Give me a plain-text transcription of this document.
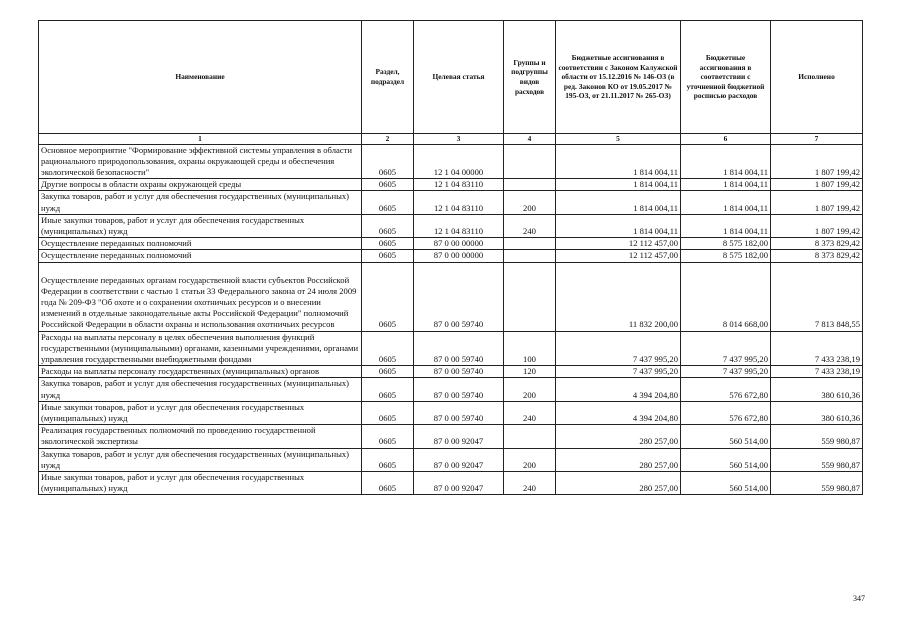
Наименование	Раздел, подраздел	Целевая статья	Группы и подгруппы видов расходов	Бюджетные ассигнования в соответствии с Законом Калужской области от 15.12.2016 № 146-ОЗ (в ред. Законов КО от 19.05.2017 № 195-ОЗ, от 21.11.2017 № 265-ОЗ)	Бюджетные ассигнования в соответствии с уточненной бюджетной росписью расходов	Исполнено
1	2	3	4	5	6	7
Основное мероприятие "Формирование эффективной системы управления в области рационального природопользования, охраны окружающей среды и обеспечения экологической безопасности"	0605	12 1 04 00000		1 814 004,11	1 814 004,11	1 807 199,42
Другие вопросы в области охраны окружающей среды	0605	12 1 04 83110		1 814 004,11	1 814 004,11	1 807 199,42
Закупка товаров, работ и услуг для обеспечения государственных (муниципальных) нужд	0605	12 1 04 83110	200	1 814 004,11	1 814 004,11	1 807 199,42
Иные закупки товаров, работ и услуг для обеспечения государственных (муниципальных) нужд	0605	12 1 04 83110	240	1 814 004,11	1 814 004,11	1 807 199,42
Осуществление переданных полномочий	0605	87 0 00 00000		12 112 457,00	8 575 182,00	8 373 829,42
Осуществление переданных полномочий	0605	87 0 00 00000		12 112 457,00	8 575 182,00	8 373 829,42
Осуществление переданных органам государственной власти субъектов Российской Федерации в соответствии с частью 1 статьи 33 Федерального закона от 24 июля 2009 года № 209-ФЗ "Об охоте и о сохранении охотничьих ресурсов и о внесении изменений в отдельные законодательные акты Российской Федерации" полномочий Российской Федерации в области охраны и использования охотничьих ресурсов	0605	87 0 00 59740		11 832 200,00	8 014 668,00	7 813 848,55
Расходы на выплаты персоналу в целях обеспечения выполнения функций государственными (муниципальными) органами, казенными учреждениями, органами управления государственными внебюджетными фондами	0605	87 0 00 59740	100	7 437 995,20	7 437 995,20	7 433 238,19
Расходы на выплаты персоналу государственных (муниципальных) органов	0605	87 0 00 59740	120	7 437 995,20	7 437 995,20	7 433 238,19
Закупка товаров, работ и услуг для обеспечения государственных (муниципальных) нужд	0605	87 0 00 59740	200	4 394 204,80	576 672,80	380 610,36
Иные закупки товаров, работ и услуг для обеспечения государственных (муниципальных) нужд	0605	87 0 00 59740	240	4 394 204,80	576 672,80	380 610,36
Реализация государственных полномочий по проведению государственной экологической экспертизы	0605	87 0 00 92047		280 257,00	560 514,00	559 980,87
Закупка товаров, работ и услуг для обеспечения государственных (муниципальных) нужд	0605	87 0 00 92047	200	280 257,00	560 514,00	559 980,87
Иные закупки товаров, работ и услуг для обеспечения государственных (муниципальных) нужд	0605	87 0 00 92047	240	280 257,00	560 514,00	559 980,87
347
